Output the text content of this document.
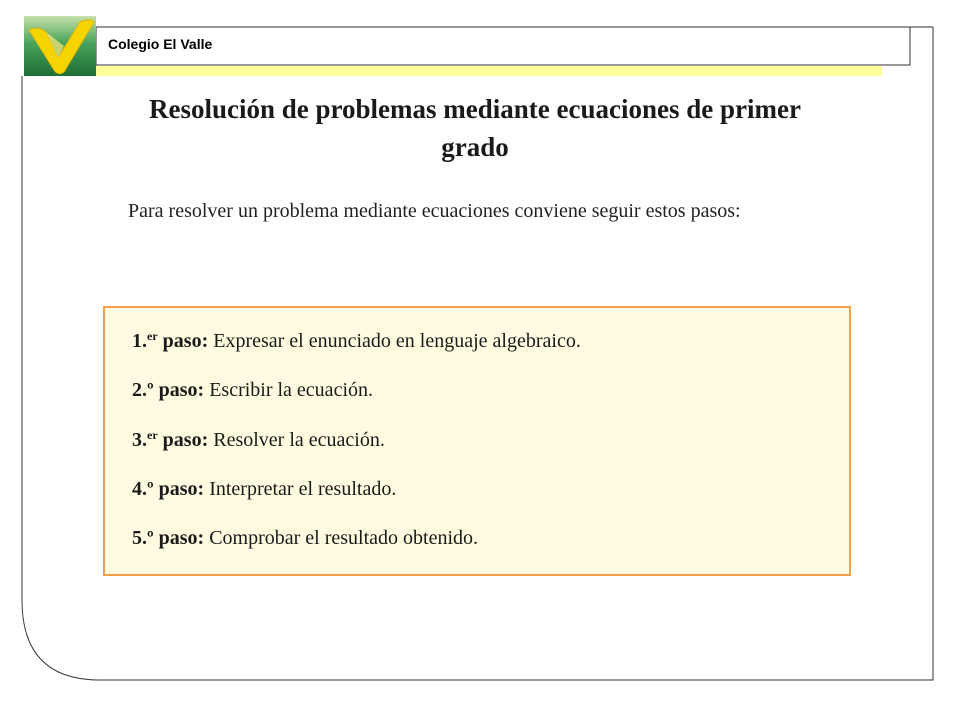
Colegio El Valle

Resolución de problemas mediante ecuaciones de primer grado

Para resolver un problema mediante ecuaciones conviene seguir estos pasos:

1.$^{er}$ paso: Expresar el enunciado en lenguaje algebraico.

2.º paso: Escribir la ecuación.

3.$^{er}$ paso: Resolver la ecuación.

4.º paso: Interpretar el resultado.

5.º paso: Comprobar el resultado obtenido.
